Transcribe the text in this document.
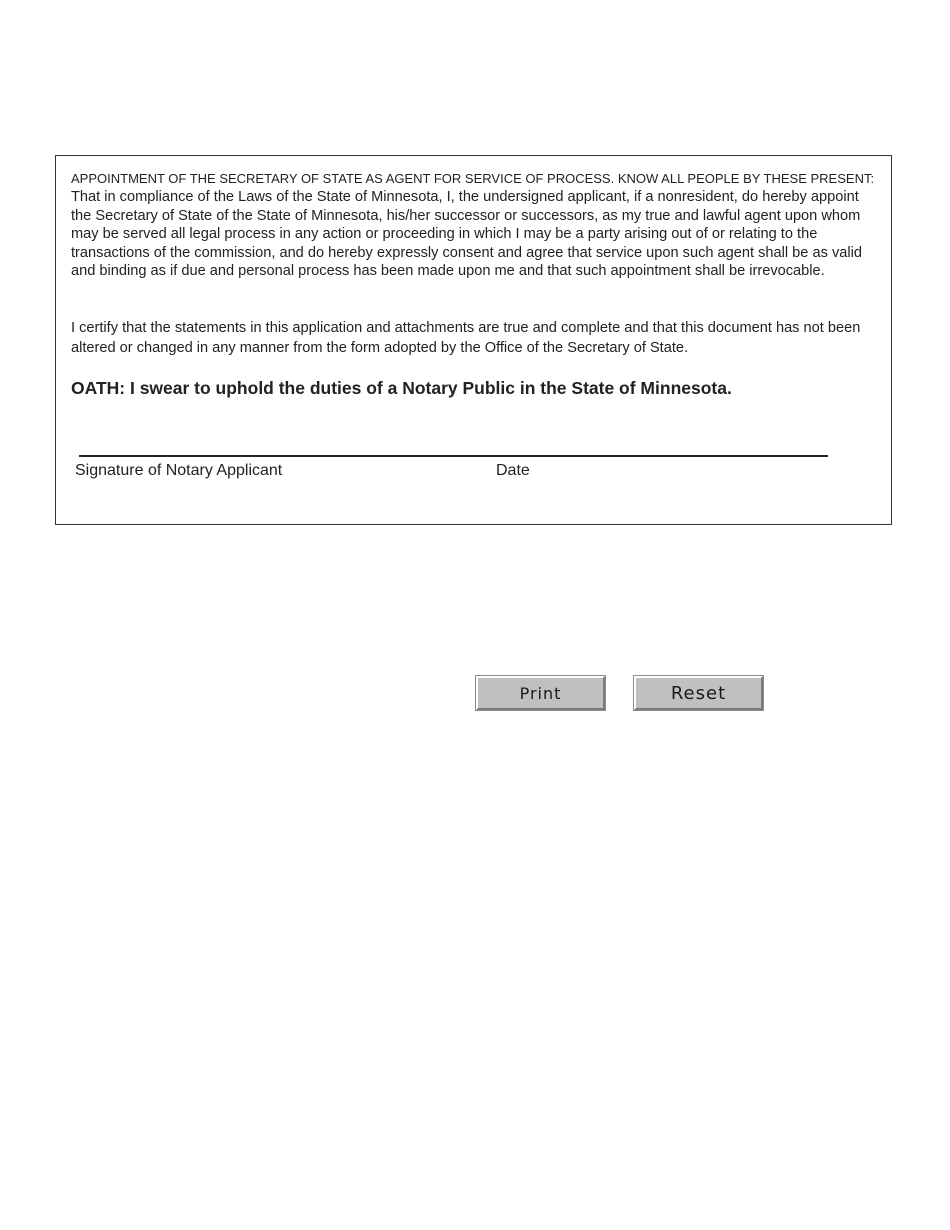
APPOINTMENT OF THE SECRETARY OF STATE AS AGENT FOR SERVICE OF PROCESS. KNOW ALL PEOPLE BY THESE PRESENT:

That in compliance of the Laws of the State of Minnesota, I, the undersigned applicant, if a nonresident, do hereby appoint the Secretary of State of the State of Minnesota, his/her successor or successors, as my true and lawful agent upon whom may be served all legal process in any action or proceeding in which I may be a party arising out of or relating to the transactions of the commission, and do hereby expressly consent and agree that service upon such agent shall be as valid and binding as if due and personal process has been made upon me and that such appointment shall be irrevocable.

I certify that the statements in this application and attachments are true and complete and that this document has not been altered or changed in any manner from the form adopted by the Office of the Secretary of State.

OATH: I swear to uphold the duties of a Notary Public in the State of Minnesota.

Signature of Notary Applicant	Date
Print	Reset
